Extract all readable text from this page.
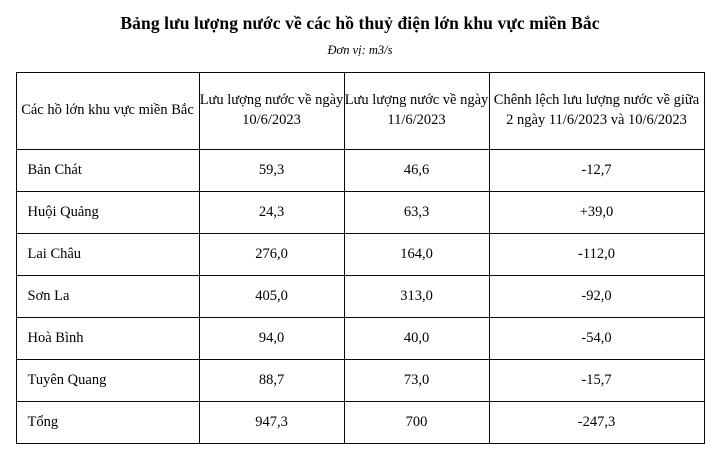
Bảng lưu lượng nước về các hồ thuỷ điện lớn khu vực miền Bắc
Đơn vị: m3/s
Các hồ lớn khu vực miền Bắc	Lưu lượng nước về ngày 10/6/2023	Lưu lượng nước về ngày 11/6/2023	Chênh lệch lưu lượng nước về giữa 2 ngày 11/6/2023 và 10/6/2023
Bản Chát	59,3	46,6	-12,7
Huội Quảng	24,3	63,3	+39,0
Lai Châu	276,0	164,0	-112,0
Sơn La	405,0	313,0	-92,0
Hoà Bình	94,0	40,0	-54,0
Tuyên Quang	88,7	73,0	-15,7
Tổng	947,3	700	-247,3
